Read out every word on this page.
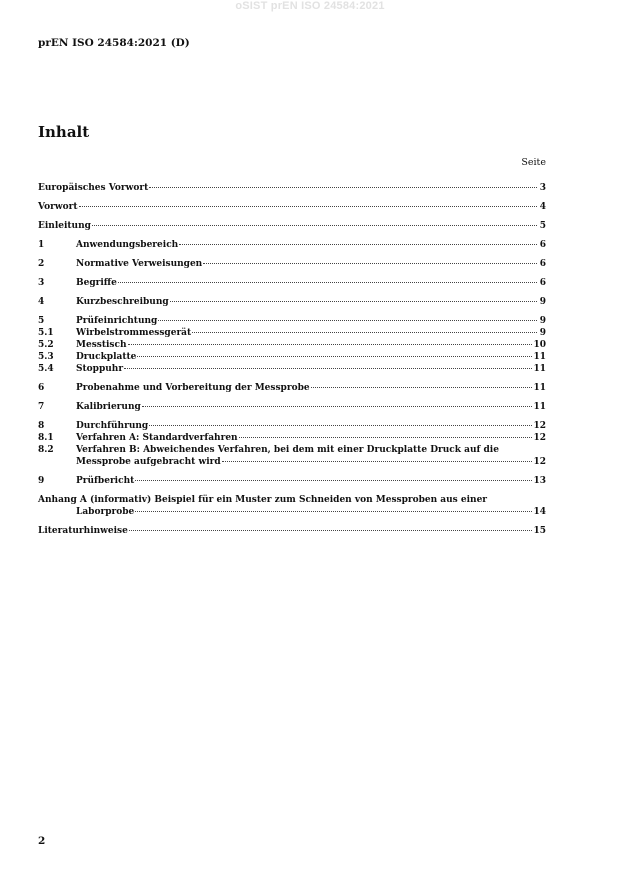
oSIST prEN ISO 24584:2021
prEN ISO 24584:2021 (D)
Inhalt
Seite
Europäisches Vorwort	3
Vorwort	4
Einleitung	5
1	Anwendungsbereich	6
2	Normative Verweisungen	6
3	Begriffe	6
4	Kurzbeschreibung	9
5	Prüfeinrichtung	9
5.1	Wirbelstrommessgerät	9
5.2	Messtisch	10
5.3	Druckplatte	11
5.4	Stoppuhr	11
6	Probenahme und Vorbereitung der Messprobe	11
7	Kalibrierung	11
8	Durchführung	12
8.1	Verfahren A: Standardverfahren	12
8.2	Verfahren B: Abweichendes Verfahren, bei dem mit einer Druckplatte Druck auf die
Messprobe aufgebracht wird	12
9	Prüfbericht	13
Anhang A (informativ) Beispiel für ein Muster zum Schneiden von Messproben aus einer
Laborprobe	14
Literaturhinweise	15
2
